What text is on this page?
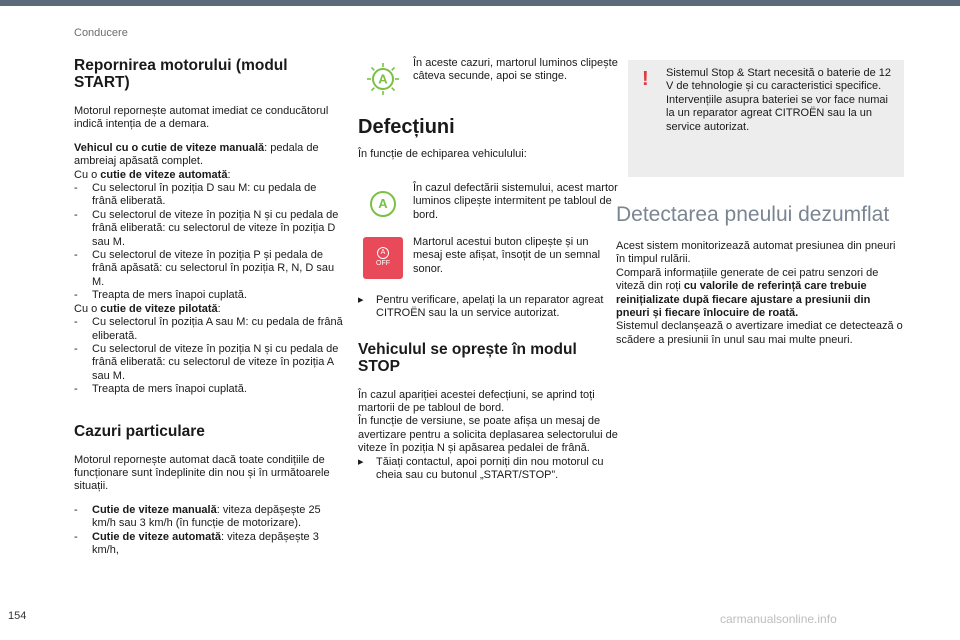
Conducere
Repornirea motorului (modul START)

Motorul repornește automat imediat ce conducătorul indică intenția de a demara.

Vehicul cu o cutie de viteze manuală: pedala de ambreiaj apăsată complet.

Cu o cutie de viteze automată:

-	Cu selectorul în poziția D sau M: cu pedala de frână eliberată.
-	Cu selectorul de viteze în poziția N și cu pedala de frână eliberată: cu selectorul de viteze în poziția D sau M.
-	Cu selectorul de viteze în poziția P și pedala de frână apăsată: cu selectorul în poziția R, N, D sau M.
-	Treapta de mers înapoi cuplată.

Cu o cutie de viteze pilotată:

-	Cu selectorul în poziția A sau M: cu pedala de frână eliberată.
-	Cu selectorul de viteze în poziția N și cu pedala de frână eliberată: cu selectorul de viteze în poziția A sau M.
-	Treapta de mers înapoi cuplată.
Cazuri particulare

Motorul repornește automat dacă toate condițiile de funcționare sunt îndeplinite din nou și în următoarele situații.

-	Cutie de viteze manuală: viteza depășește 25 km/h sau 3 km/h (în funcție de motorizare).
-	Cutie de viteze automată: viteza depășește 3 km/h,
A

În aceste cazuri, martorul luminos clipește câteva secunde, apoi se stinge.

Defecțiuni

În funcție de echiparea vehiculului:

A

În cazul defectării sistemului, acest martor luminos clipește intermitent pe tabloul de bord.

A
OFF

Martorul acestui buton clipește și un mesaj este afișat, însoțit de un semnal sonor.

▸	Pentru verificare, apelați la un reparator agreat CITROËN sau la un service autorizat.
Vehiculul se oprește în modul STOP

În cazul apariției acestei defecțiuni, se aprind toți martorii de pe tabloul de bord.
În funcție de versiune, se poate afișa un mesaj de avertizare pentru a solicita deplasarea selectorului de viteze în poziția N și apăsarea pedalei de frână.

▸	Tăiați contactul, apoi porniți din nou motorul cu cheia sau cu butonul „START/STOP”.
! Sistemul Stop & Start necesită o baterie de 12 V de tehnologie și cu caracteristici specifice.
Intervențiile asupra bateriei se vor face numai la un reparator agreat CITROËN sau la un service autorizat.

Detectarea pneului dezumflat

Acest sistem monitorizează automat presiunea din pneuri în timpul rulării.

Compară informațiile generate de cei patru senzori de viteză din roți cu valorile de referință care trebuie reinițializate după fiecare ajustare a presiunii din pneuri și fiecare înlocuire de roată.

Sistemul declanșează o avertizare imediat ce detectează o scădere a presiunii în unul sau mai multe pneuri.

154	carmanualsonline.info
